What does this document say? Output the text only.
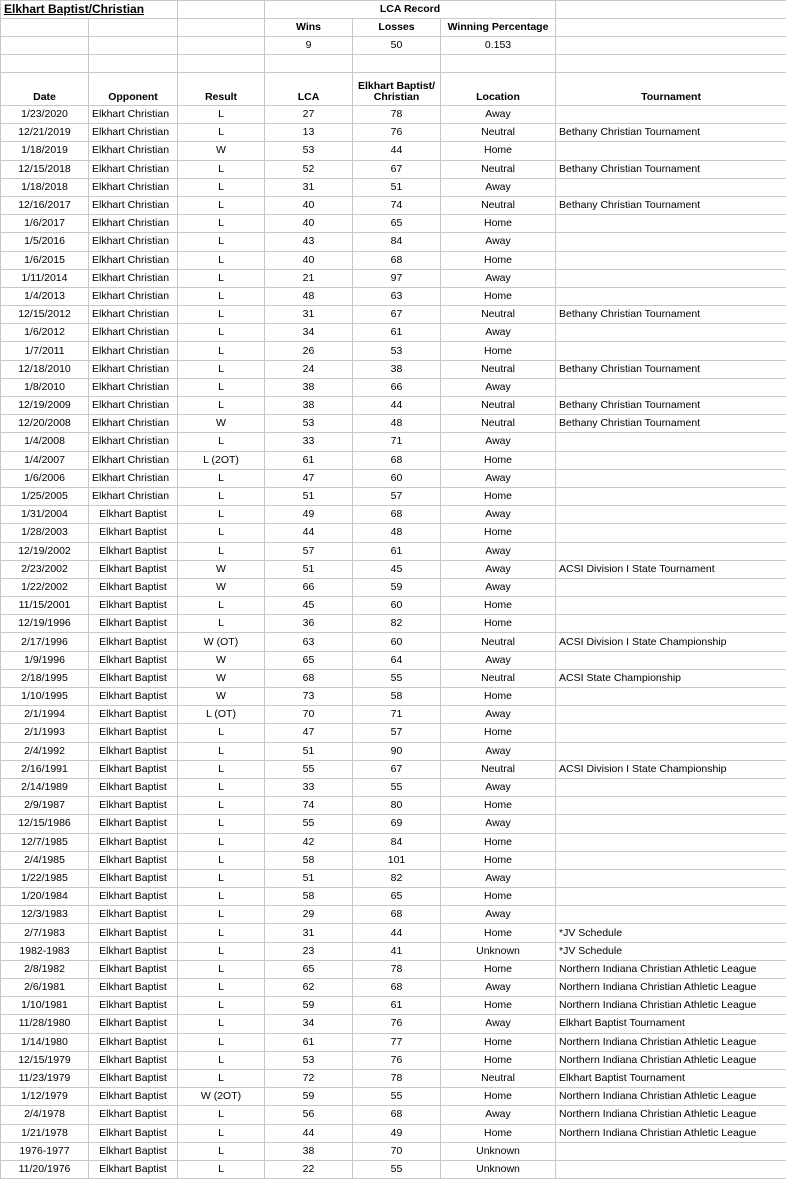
Elkhart Baptist/Christian			LCA Record			
			Wins	Losses	Winning Percentage	
			9	50	0.153	

Date	Opponent	Result	LCA	Elkhart Baptist/ Christian	Location	Tournament
1/23/2020	Elkhart Christian	L	27	78	Away	
12/21/2019	Elkhart Christian	L	13	76	Neutral	Bethany Christian Tournament
1/18/2019	Elkhart Christian	W	53	44	Home	
12/15/2018	Elkhart Christian	L	52	67	Neutral	Bethany Christian Tournament
1/18/2018	Elkhart Christian	L	31	51	Away	
12/16/2017	Elkhart Christian	L	40	74	Neutral	Bethany Christian Tournament
1/6/2017	Elkhart Christian	L	40	65	Home	
1/5/2016	Elkhart Christian	L	43	84	Away	
1/6/2015	Elkhart Christian	L	40	68	Home	
1/11/2014	Elkhart Christian	L	21	97	Away	
1/4/2013	Elkhart Christian	L	48	63	Home	
12/15/2012	Elkhart Christian	L	31	67	Neutral	Bethany Christian Tournament
1/6/2012	Elkhart Christian	L	34	61	Away	
1/7/2011	Elkhart Christian	L	26	53	Home	
12/18/2010	Elkhart Christian	L	24	38	Neutral	Bethany Christian Tournament
1/8/2010	Elkhart Christian	L	38	66	Away	
12/19/2009	Elkhart Christian	L	38	44	Neutral	Bethany Christian Tournament
12/20/2008	Elkhart Christian	W	53	48	Neutral	Bethany Christian Tournament
1/4/2008	Elkhart Christian	L	33	71	Away	
1/4/2007	Elkhart Christian	L (2OT)	61	68	Home	
1/6/2006	Elkhart Christian	L	47	60	Away	
1/25/2005	Elkhart Christian	L	51	57	Home	
1/31/2004	Elkhart Baptist	L	49	68	Away	
1/28/2003	Elkhart Baptist	L	44	48	Home	
12/19/2002	Elkhart Baptist	L	57	61	Away	
2/23/2002	Elkhart Baptist	W	51	45	Away	ACSI Division I State Tournament
1/22/2002	Elkhart Baptist	W	66	59	Away	
11/15/2001	Elkhart Baptist	L	45	60	Home	
12/19/1996	Elkhart Baptist	L	36	82	Home	
2/17/1996	Elkhart Baptist	W (OT)	63	60	Neutral	ACSI Division I State Championship
1/9/1996	Elkhart Baptist	W	65	64	Away	
2/18/1995	Elkhart Baptist	W	68	55	Neutral	ACSI State Championship
1/10/1995	Elkhart Baptist	W	73	58	Home	
2/1/1994	Elkhart Baptist	L (OT)	70	71	Away	
2/1/1993	Elkhart Baptist	L	47	57	Home	
2/4/1992	Elkhart Baptist	L	51	90	Away	
2/16/1991	Elkhart Baptist	L	55	67	Neutral	ACSI Division I State Championship
2/14/1989	Elkhart Baptist	L	33	55	Away	
2/9/1987	Elkhart Baptist	L	74	80	Home	
12/15/1986	Elkhart Baptist	L	55	69	Away	
12/7/1985	Elkhart Baptist	L	42	84	Home	
2/4/1985	Elkhart Baptist	L	58	101	Home	
1/22/1985	Elkhart Baptist	L	51	82	Away	
1/20/1984	Elkhart Baptist	L	58	65	Home	
12/3/1983	Elkhart Baptist	L	29	68	Away	
2/7/1983	Elkhart Baptist	L	31	44	Home	*JV Schedule
1982-1983	Elkhart Baptist	L	23	41	Unknown	*JV Schedule
2/8/1982	Elkhart Baptist	L	65	78	Home	Northern Indiana Christian Athletic League
2/6/1981	Elkhart Baptist	L	62	68	Away	Northern Indiana Christian Athletic League
1/10/1981	Elkhart Baptist	L	59	61	Home	Northern Indiana Christian Athletic League
11/28/1980	Elkhart Baptist	L	34	76	Away	Elkhart Baptist Tournament
1/14/1980	Elkhart Baptist	L	61	77	Home	Northern Indiana Christian Athletic League
12/15/1979	Elkhart Baptist	L	53	76	Home	Northern Indiana Christian Athletic League
11/23/1979	Elkhart Baptist	L	72	78	Neutral	Elkhart Baptist Tournament
1/12/1979	Elkhart Baptist	W (2OT)	59	55	Home	Northern Indiana Christian Athletic League
2/4/1978	Elkhart Baptist	L	56	68	Away	Northern Indiana Christian Athletic League
1/21/1978	Elkhart Baptist	L	44	49	Home	Northern Indiana Christian Athletic League
1976-1977	Elkhart Baptist	L	38	70	Unknown	
11/20/1976	Elkhart Baptist	L	22	55	Unknown	
